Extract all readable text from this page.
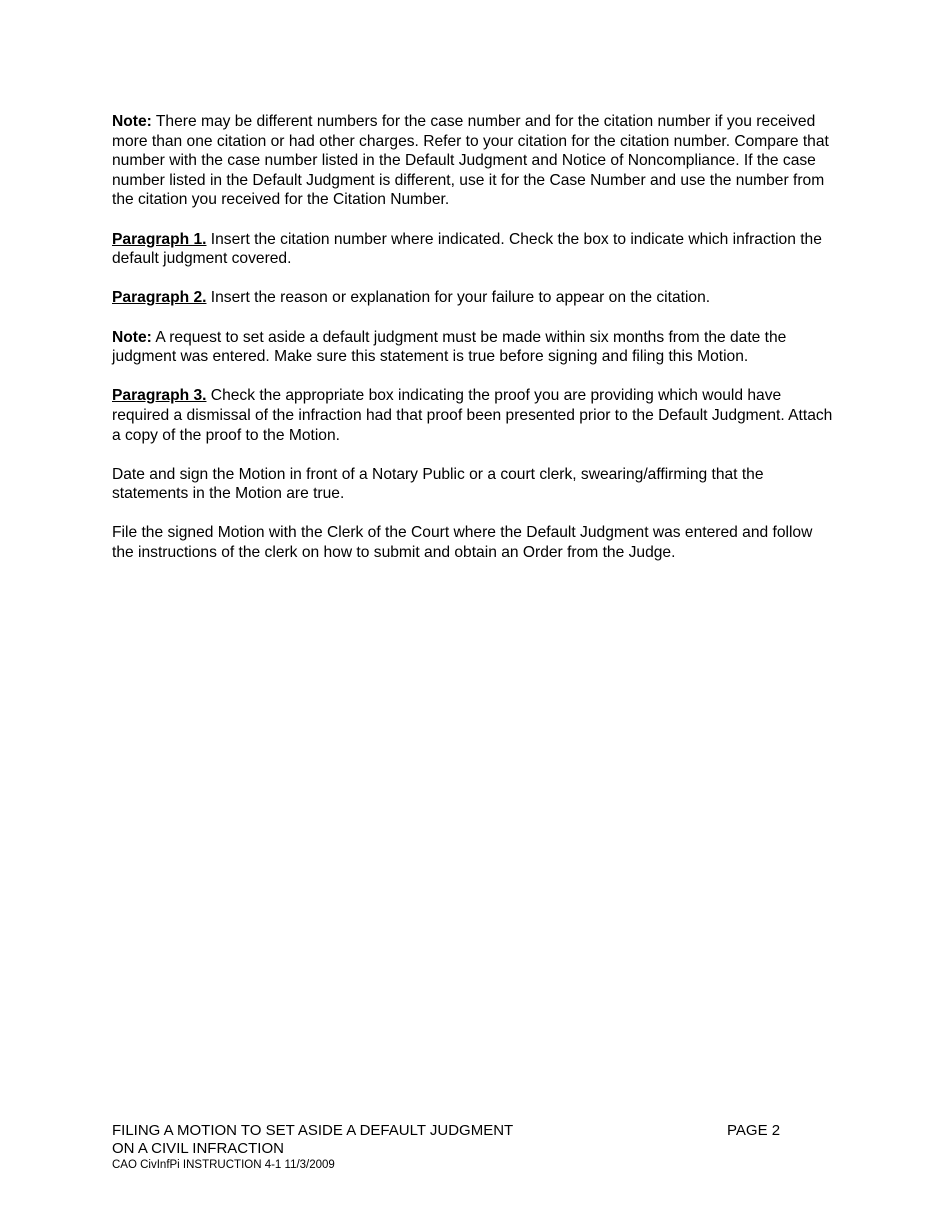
Note: There may be different numbers for the case number and for the citation number if you received more than one citation or had other charges. Refer to your citation for the citation number. Compare that number with the case number listed in the Default Judgment and Notice of Noncompliance. If the case number listed in the Default Judgment is different, use it for the Case Number and use the number from the citation you received for the Citation Number.

Paragraph 1. Insert the citation number where indicated. Check the box to indicate which infraction the default judgment covered.

Paragraph 2. Insert the reason or explanation for your failure to appear on the citation.

Note: A request to set aside a default judgment must be made within six months from the date the judgment was entered. Make sure this statement is true before signing and filing this Motion.

Paragraph 3. Check the appropriate box indicating the proof you are providing which would have required a dismissal of the infraction had that proof been presented prior to the Default Judgment. Attach a copy of the proof to the Motion.

Date and sign the Motion in front of a Notary Public or a court clerk, swearing/affirming that the statements in the Motion are true.

File the signed Motion with the Clerk of the Court where the Default Judgment was entered and follow the instructions of the clerk on how to submit and obtain an Order from the Judge.

FILING A MOTION TO SET ASIDE A DEFAULT JUDGMENT
ON A CIVIL INFRACTION
CAO CivInfPi INSTRUCTION 4-1 11/3/2009
PAGE 2
